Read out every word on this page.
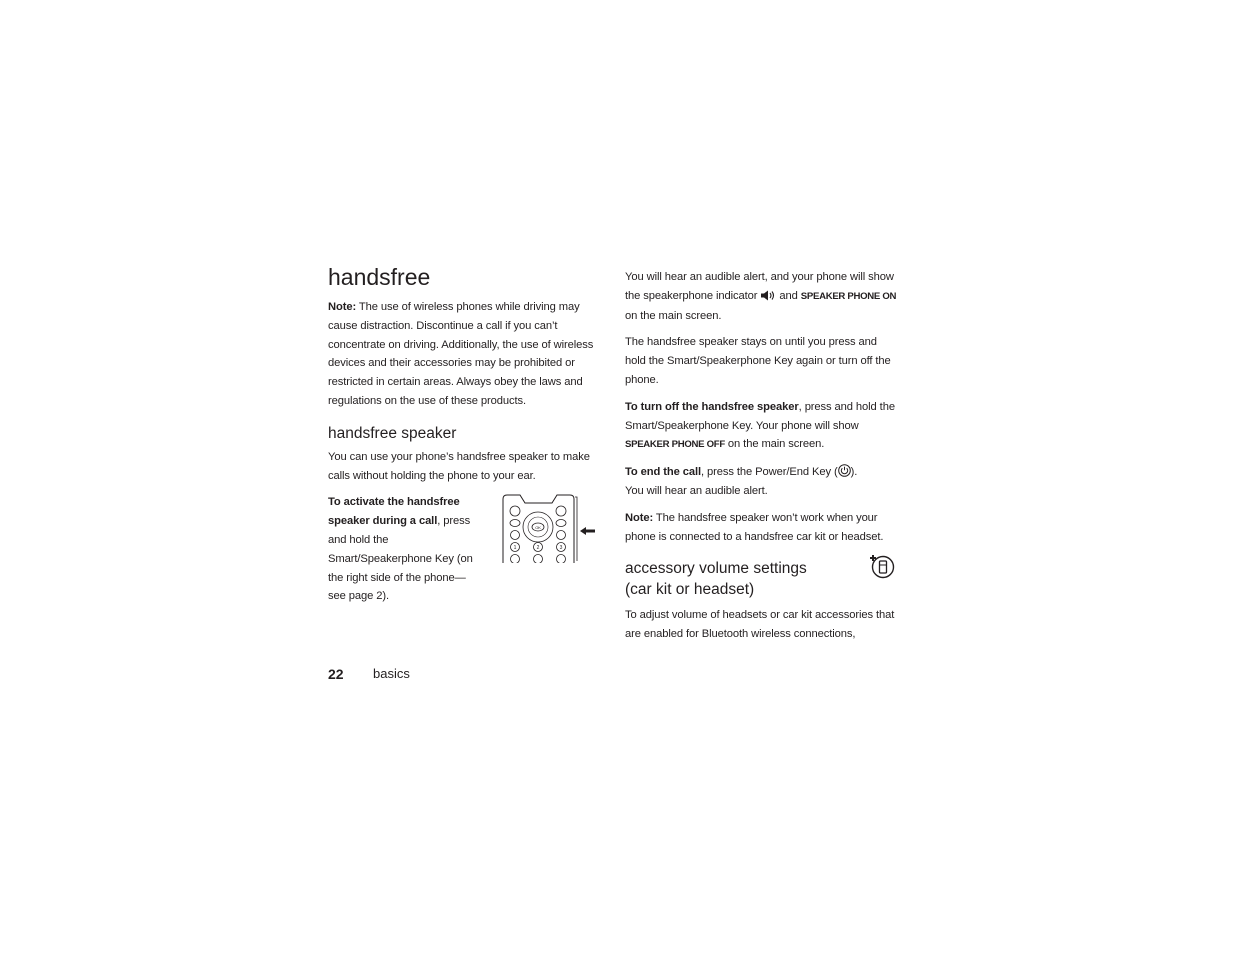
handsfree

Note: The use of wireless phones while driving may cause distraction. Discontinue a call if you can’t concentrate on driving. Additionally, the use of wireless devices and their accessories may be prohibited or restricted in certain areas. Always obey the laws and regulations on the use of these products.

handsfree speaker

You can use your phone’s handsfree speaker to make calls without holding the phone to your ear.

To activate the handsfree speaker during a call, press and hold the Smart/Speakerphone Key (on the right side of the phone—see page 2).

OK
1	2	3

You will hear an audible alert, and your phone will show the speakerphone indicator  and SPEAKER PHONE ON on the main screen.

The handsfree speaker stays on until you press and hold the Smart/Speakerphone Key again or turn off the phone.

To turn off the handsfree speaker, press and hold the Smart/Speakerphone Key. Your phone will show SPEAKER PHONE OFF on the main screen.

To end the call, press the Power/End Key ( ).
You will hear an audible alert.

Note: The handsfree speaker won’t work when your phone is connected to a handsfree car kit or headset.

accessory volume settings
(car kit or headset)

To adjust volume of headsets or car kit accessories that are enabled for Bluetooth wireless connections,

22 basics
